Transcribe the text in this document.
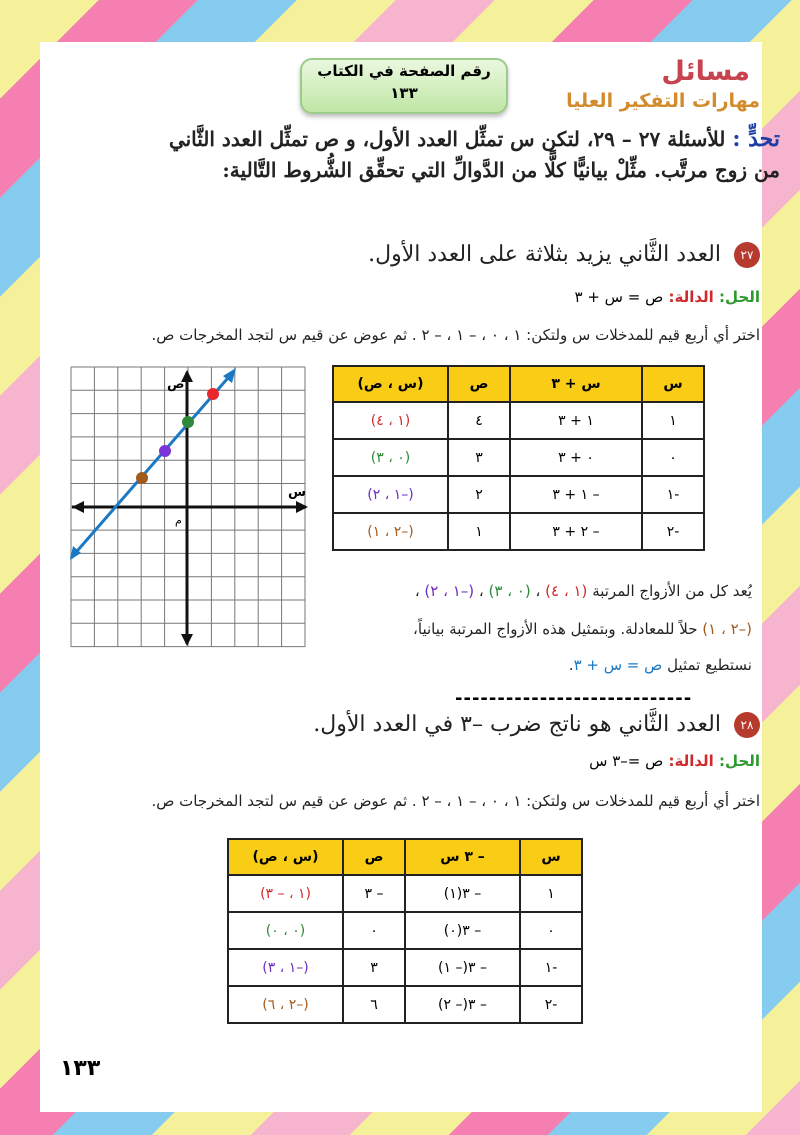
مسائل
مهارات التفكير العليا
رقم الصفحة في الكتاب
١٣٣
تحدٍّ : للأسئلة ٢٧ – ٢٩، لتكن س تمثِّل العدد الأول، و ص تمثِّل العدد الثَّاني من زوج مرتَّب. مثِّلْ بيانيًّا كلًّا من الدَّوالِّ التي تحقِّق الشُّروط التَّالية:
٢٧ العدد الثَّاني يزيد بثلاثة على العدد الأول.
الحل: الدالة: ص = س + ٣
اختر أي أربع قيم للمدخلات س ولتكن: ١ ، ٠ ، – ١ ، – ٢ . ثم عوض عن قيم س لتجد المخرجات ص.
س	س + ٣	ص	(س ، ص)
١	١ + ٣	٤	(١ ، ٤)
٠	٠ + ٣	٣	(٠ ، ٣)
-١	– ١ + ٣	٢	(–١ ، ٢)
-٢	– ٢ + ٣	١	(–٢ ، ١)
س
ص
م
يُعد كل من الأزواج المرتبة (١ ، ٤) ، (٠ ، ٣) ، (–١ ، ٢) ،
(–٢ ، ١) حلاً للمعادلة. وبتمثيل هذه الأزواج المرتبة بيانياً،
نستطيع تمثيل ص = س + ٣.
----------------------------
٢٨ العدد الثَّاني هو ناتج ضرب –٣ في العدد الأول.
الحل: الدالة: ص =–٣ س
اختر أي أربع قيم للمدخلات س ولتكن: ١ ، ٠ ، – ١ ، – ٢ . ثم عوض عن قيم س لتجد المخرجات ص.
س	– ٣ س	ص	(س ، ص)
١	– ٣(١)	– ٣	(١ ، – ٣)
٠	– ٣(٠)	٠	(٠ ، ٠)
-١	– ٣(– ١)	٣	(–١ ، ٣)
-٢	– ٣(– ٢)	٦	(–٢ ، ٦)
١٣٣
